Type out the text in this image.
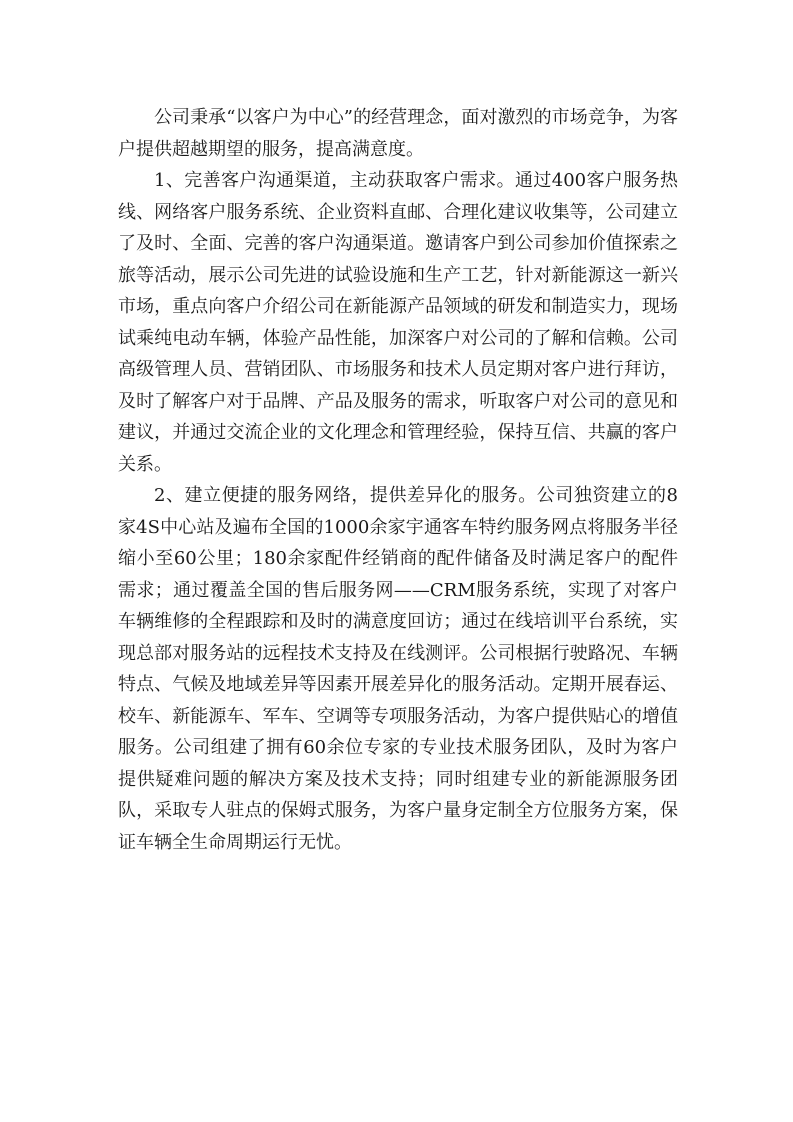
公司秉承“以客户为中心”的经营理念，面对激烈的市场竞争，为客户提供超越期望的服务，提高满意度。

1、完善客户沟通渠道，主动获取客户需求。通过400客户服务热线、网络客户服务系统、企业资料直邮、合理化建议收集等，公司建立了及时、全面、完善的客户沟通渠道。邀请客户到公司参加价值探索之旅等活动，展示公司先进的试验设施和生产工艺，针对新能源这一新兴市场，重点向客户介绍公司在新能源产品领域的研发和制造实力，现场试乘纯电动车辆，体验产品性能，加深客户对公司的了解和信赖。公司高级管理人员、营销团队、市场服务和技术人员定期对客户进行拜访，及时了解客户对于品牌、产品及服务的需求，听取客户对公司的意见和建议，并通过交流企业的文化理念和管理经验，保持互信、共赢的客户关系。

2、建立便捷的服务网络，提供差异化的服务。公司独资建立的8家4S中心站及遍布全国的1000余家宇通客车特约服务网点将服务半径缩小至60公里；180余家配件经销商的配件储备及时满足客户的配件需求；通过覆盖全国的售后服务网——CRM服务系统，实现了对客户车辆维修的全程跟踪和及时的满意度回访；通过在线培训平台系统，实现总部对服务站的远程技术支持及在线测评。公司根据行驶路况、车辆特点、气候及地域差异等因素开展差异化的服务活动。定期开展春运、校车、新能源车、军车、空调等专项服务活动，为客户提供贴心的增值服务。公司组建了拥有60余位专家的专业技术服务团队，及时为客户提供疑难问题的解决方案及技术支持；同时组建专业的新能源服务团队，采取专人驻点的保姆式服务，为客户量身定制全方位服务方案，保证车辆全生命周期运行无忧。
